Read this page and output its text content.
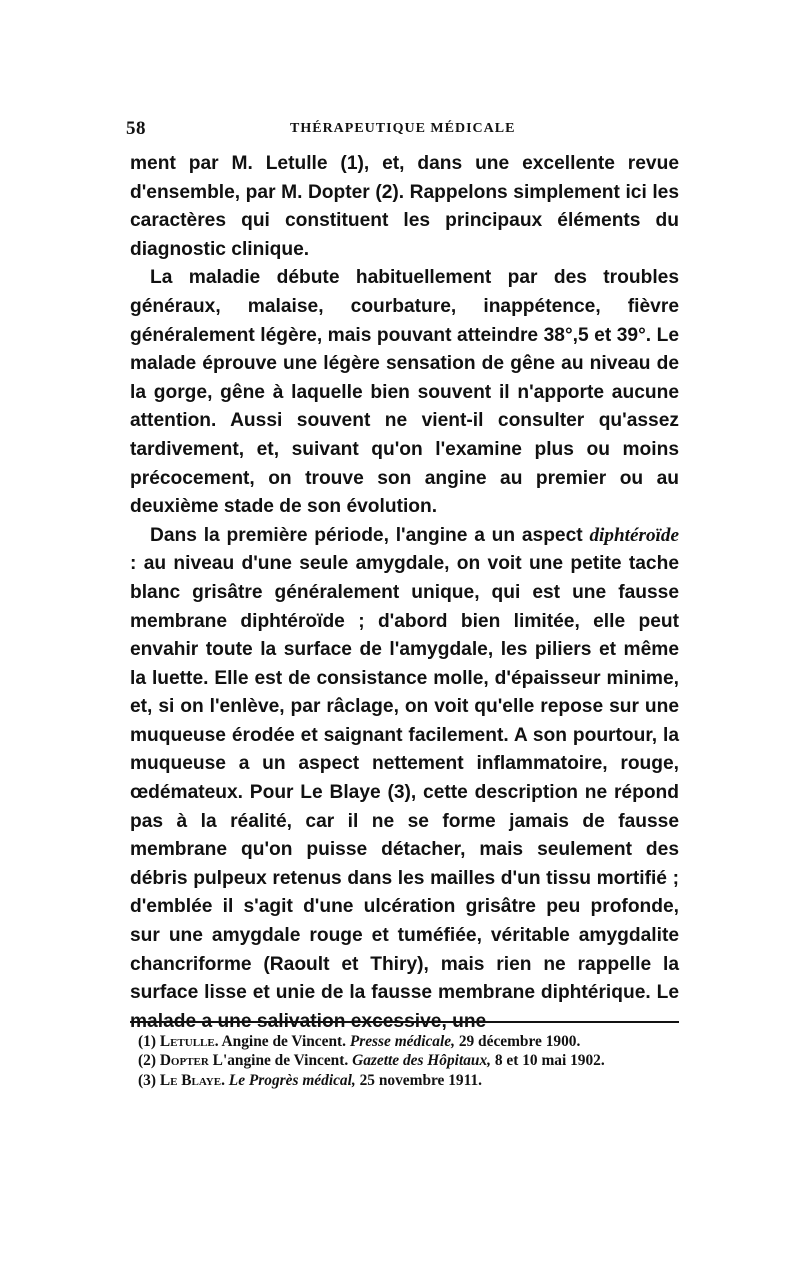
58	THÉRAPEUTIQUE MÉDICALE

ment par M. Letulle (1), et, dans une excellente revue d'ensemble, par M. Dopter (2). Rappelons simplement ici les caractères qui constituent les principaux éléments du diagnostic clinique.

La maladie débute habituellement par des troubles généraux, malaise, courbature, inappétence, fièvre généralement légère, mais pouvant atteindre 38°,5 et 39°. Le malade éprouve une légère sensation de gêne au niveau de la gorge, gêne à laquelle bien souvent il n'apporte aucune attention. Aussi souvent ne vient-il consulter qu'assez tardivement, et, suivant qu'on l'examine plus ou moins précocement, on trouve son angine au premier ou au deuxième stade de son évolution.

Dans la première période, l'angine a un aspect diphtéroïde : au niveau d'une seule amygdale, on voit une petite tache blanc grisâtre généralement unique, qui est une fausse membrane diphtéroïde ; d'abord bien limitée, elle peut envahir toute la surface de l'amygdale, les piliers et même la luette. Elle est de consistance molle, d'épaisseur minime, et, si on l'enlève, par râclage, on voit qu'elle repose sur une muqueuse érodée et saignant facilement. A son pourtour, la muqueuse a un aspect nettement inflammatoire, rouge, œdémateux. Pour Le Blaye (3), cette description ne répond pas à la réalité, car il ne se forme jamais de fausse membrane qu'on puisse détacher, mais seulement des débris pulpeux retenus dans les mailles d'un tissu mortifié ; d'emblée il s'agit d'une ulcération grisâtre peu profonde, sur une amygdale rouge et tuméfiée, véritable amygdalite chancriforme (Raoult et Thiry), mais rien ne rappelle la surface lisse et unie de la fausse membrane diphtérique. Le malade a une salivation excessive, une

(1) Letulle. Angine de Vincent. Presse médicale, 29 décembre 1900.

(2) Dopter L'angine de Vincent. Gazette des Hôpitaux, 8 et 10 mai 1902.

(3) Le Blaye. Le Progrès médical, 25 novembre 1911.
